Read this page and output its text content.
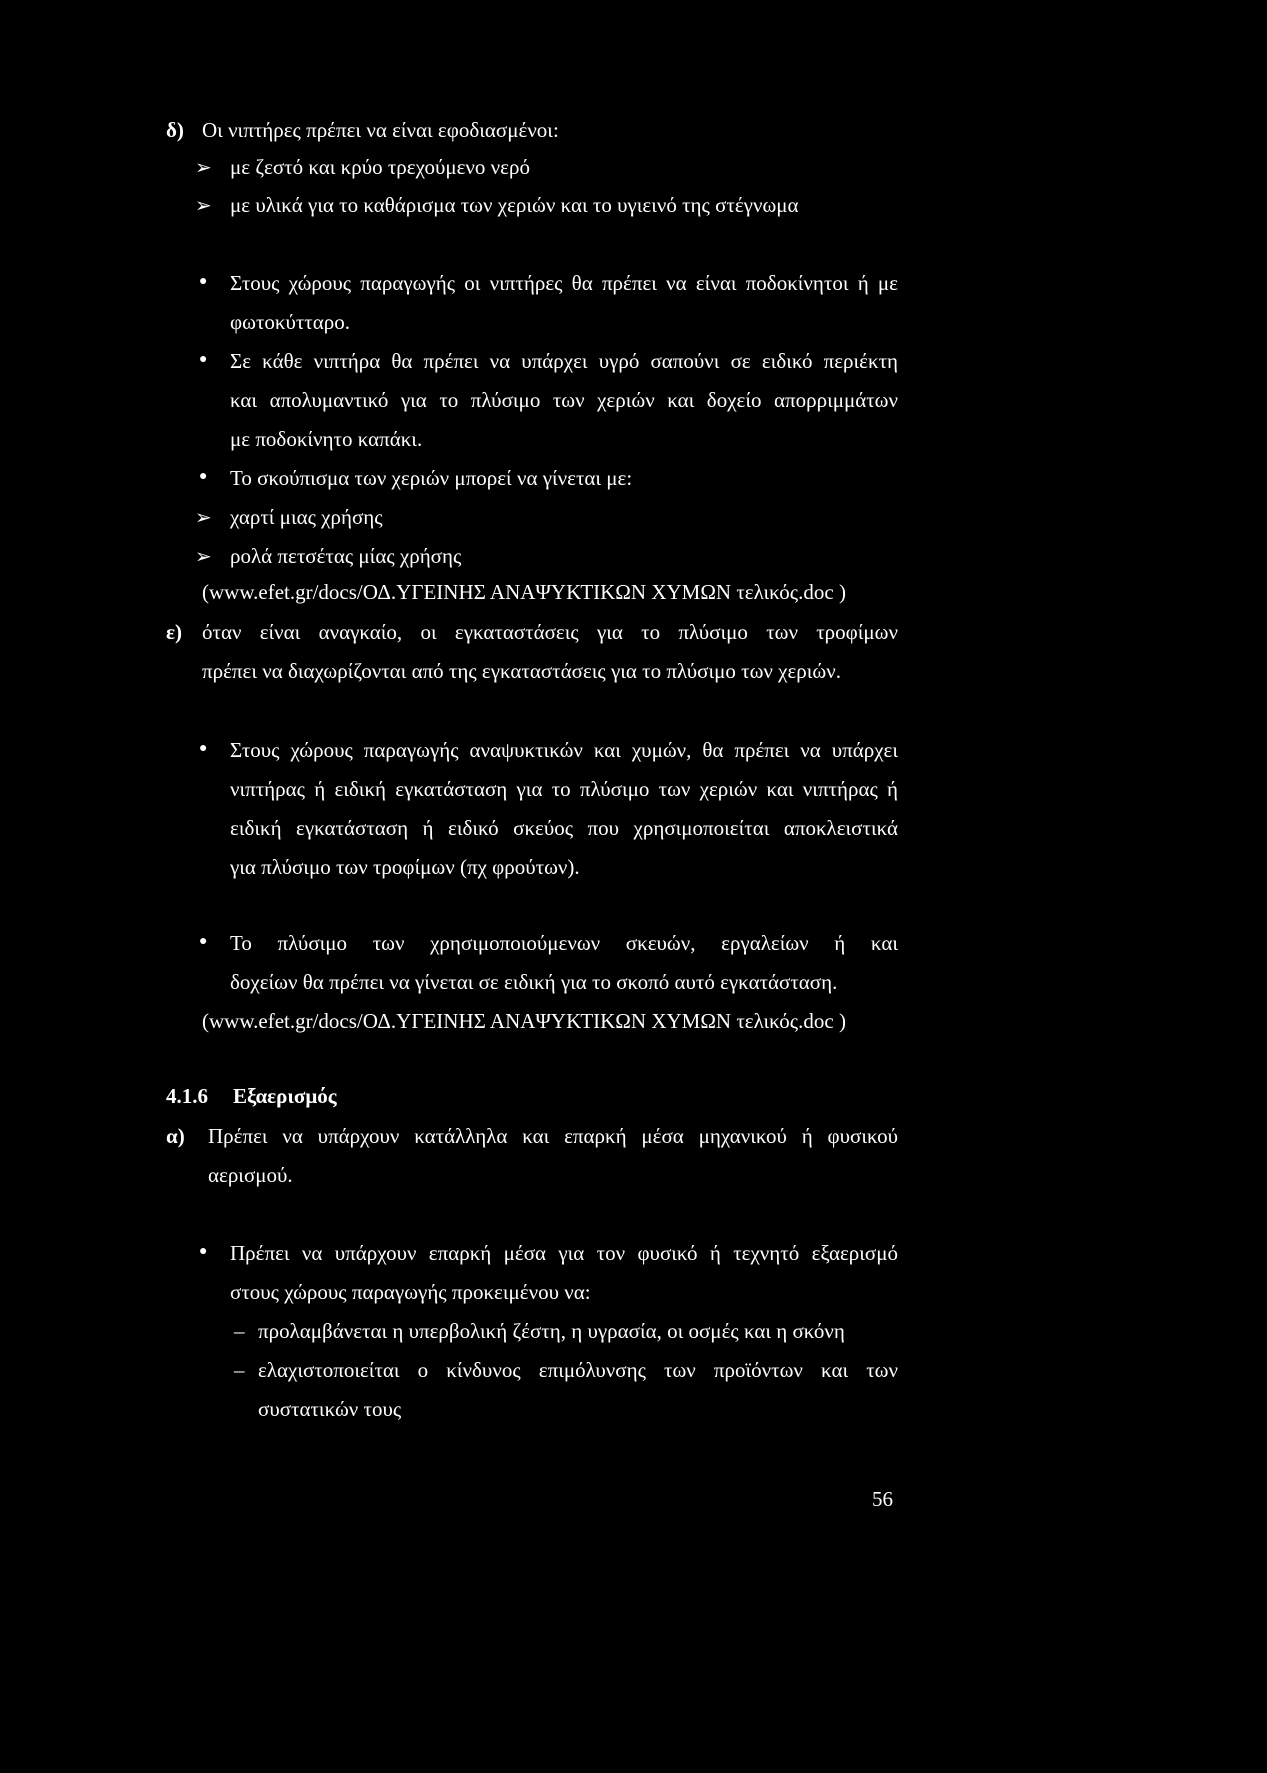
δ) Οι νιπτήρες πρέπει να είναι εφοδιασμένοι:
➢ με ζεστό και κρύο τρεχούμενο νερό
➢ με υλικά για το καθάρισμα των χεριών και το υγιεινό της στέγνωμα
● Στους χώρους παραγωγής οι νιπτήρες θα πρέπει να είναι ποδοκίνητοι ή με
φωτοκύτταρο.
● Σε κάθε νιπτήρα θα πρέπει να υπάρχει υγρό σαπούνι σε ειδικό περιέκτη
και απολυμαντικό για το πλύσιμο των χεριών και δοχείο απορριμμάτων
με ποδοκίνητο καπάκι.
● Το σκούπισμα των χεριών μπορεί να γίνεται με:
➢ χαρτί μιας χρήσης
➢ ρολά πετσέτας μίας χρήσης
(www.efet.gr/docs/ΟΔ.ΥΓΕΙΝΗΣ ΑΝΑΨΥΚΤΙΚΩΝ ΧΥΜΩΝ τελικός.doc )
ε) όταν είναι αναγκαίο, οι εγκαταστάσεις για το πλύσιμο των τροφίμων
πρέπει να διαχωρίζονται από της εγκαταστάσεις για το πλύσιμο των χεριών.
● Στους χώρους παραγωγής αναψυκτικών και χυμών, θα πρέπει να υπάρχει
νιπτήρας ή ειδική εγκατάσταση για το πλύσιμο των χεριών και νιπτήρας ή
ειδική εγκατάσταση ή ειδικό σκεύος που χρησιμοποιείται αποκλειστικά
για πλύσιμο των τροφίμων (πχ φρούτων).
● Το πλύσιμο των χρησιμοποιούμενων σκευών, εργαλείων ή και
δοχείων θα πρέπει να γίνεται σε ειδική για το σκοπό αυτό εγκατάσταση.
(www.efet.gr/docs/ΟΔ.ΥΓΕΙΝΗΣ ΑΝΑΨΥΚΤΙΚΩΝ ΧΥΜΩΝ τελικός.doc )
4.1.6 Εξαερισμός
α) Πρέπει να υπάρχουν κατάλληλα και επαρκή μέσα μηχανικού ή φυσικού
αερισμού.
● Πρέπει να υπάρχουν επαρκή μέσα για τον φυσικό ή τεχνητό εξαερισμό
στους χώρους παραγωγής προκειμένου να:
– προλαμβάνεται η υπερβολική ζέστη, η υγρασία, οι οσμές και η σκόνη
– ελαχιστοποιείται ο κίνδυνος επιμόλυνσης των προϊόντων και των
συστατικών τους
56
